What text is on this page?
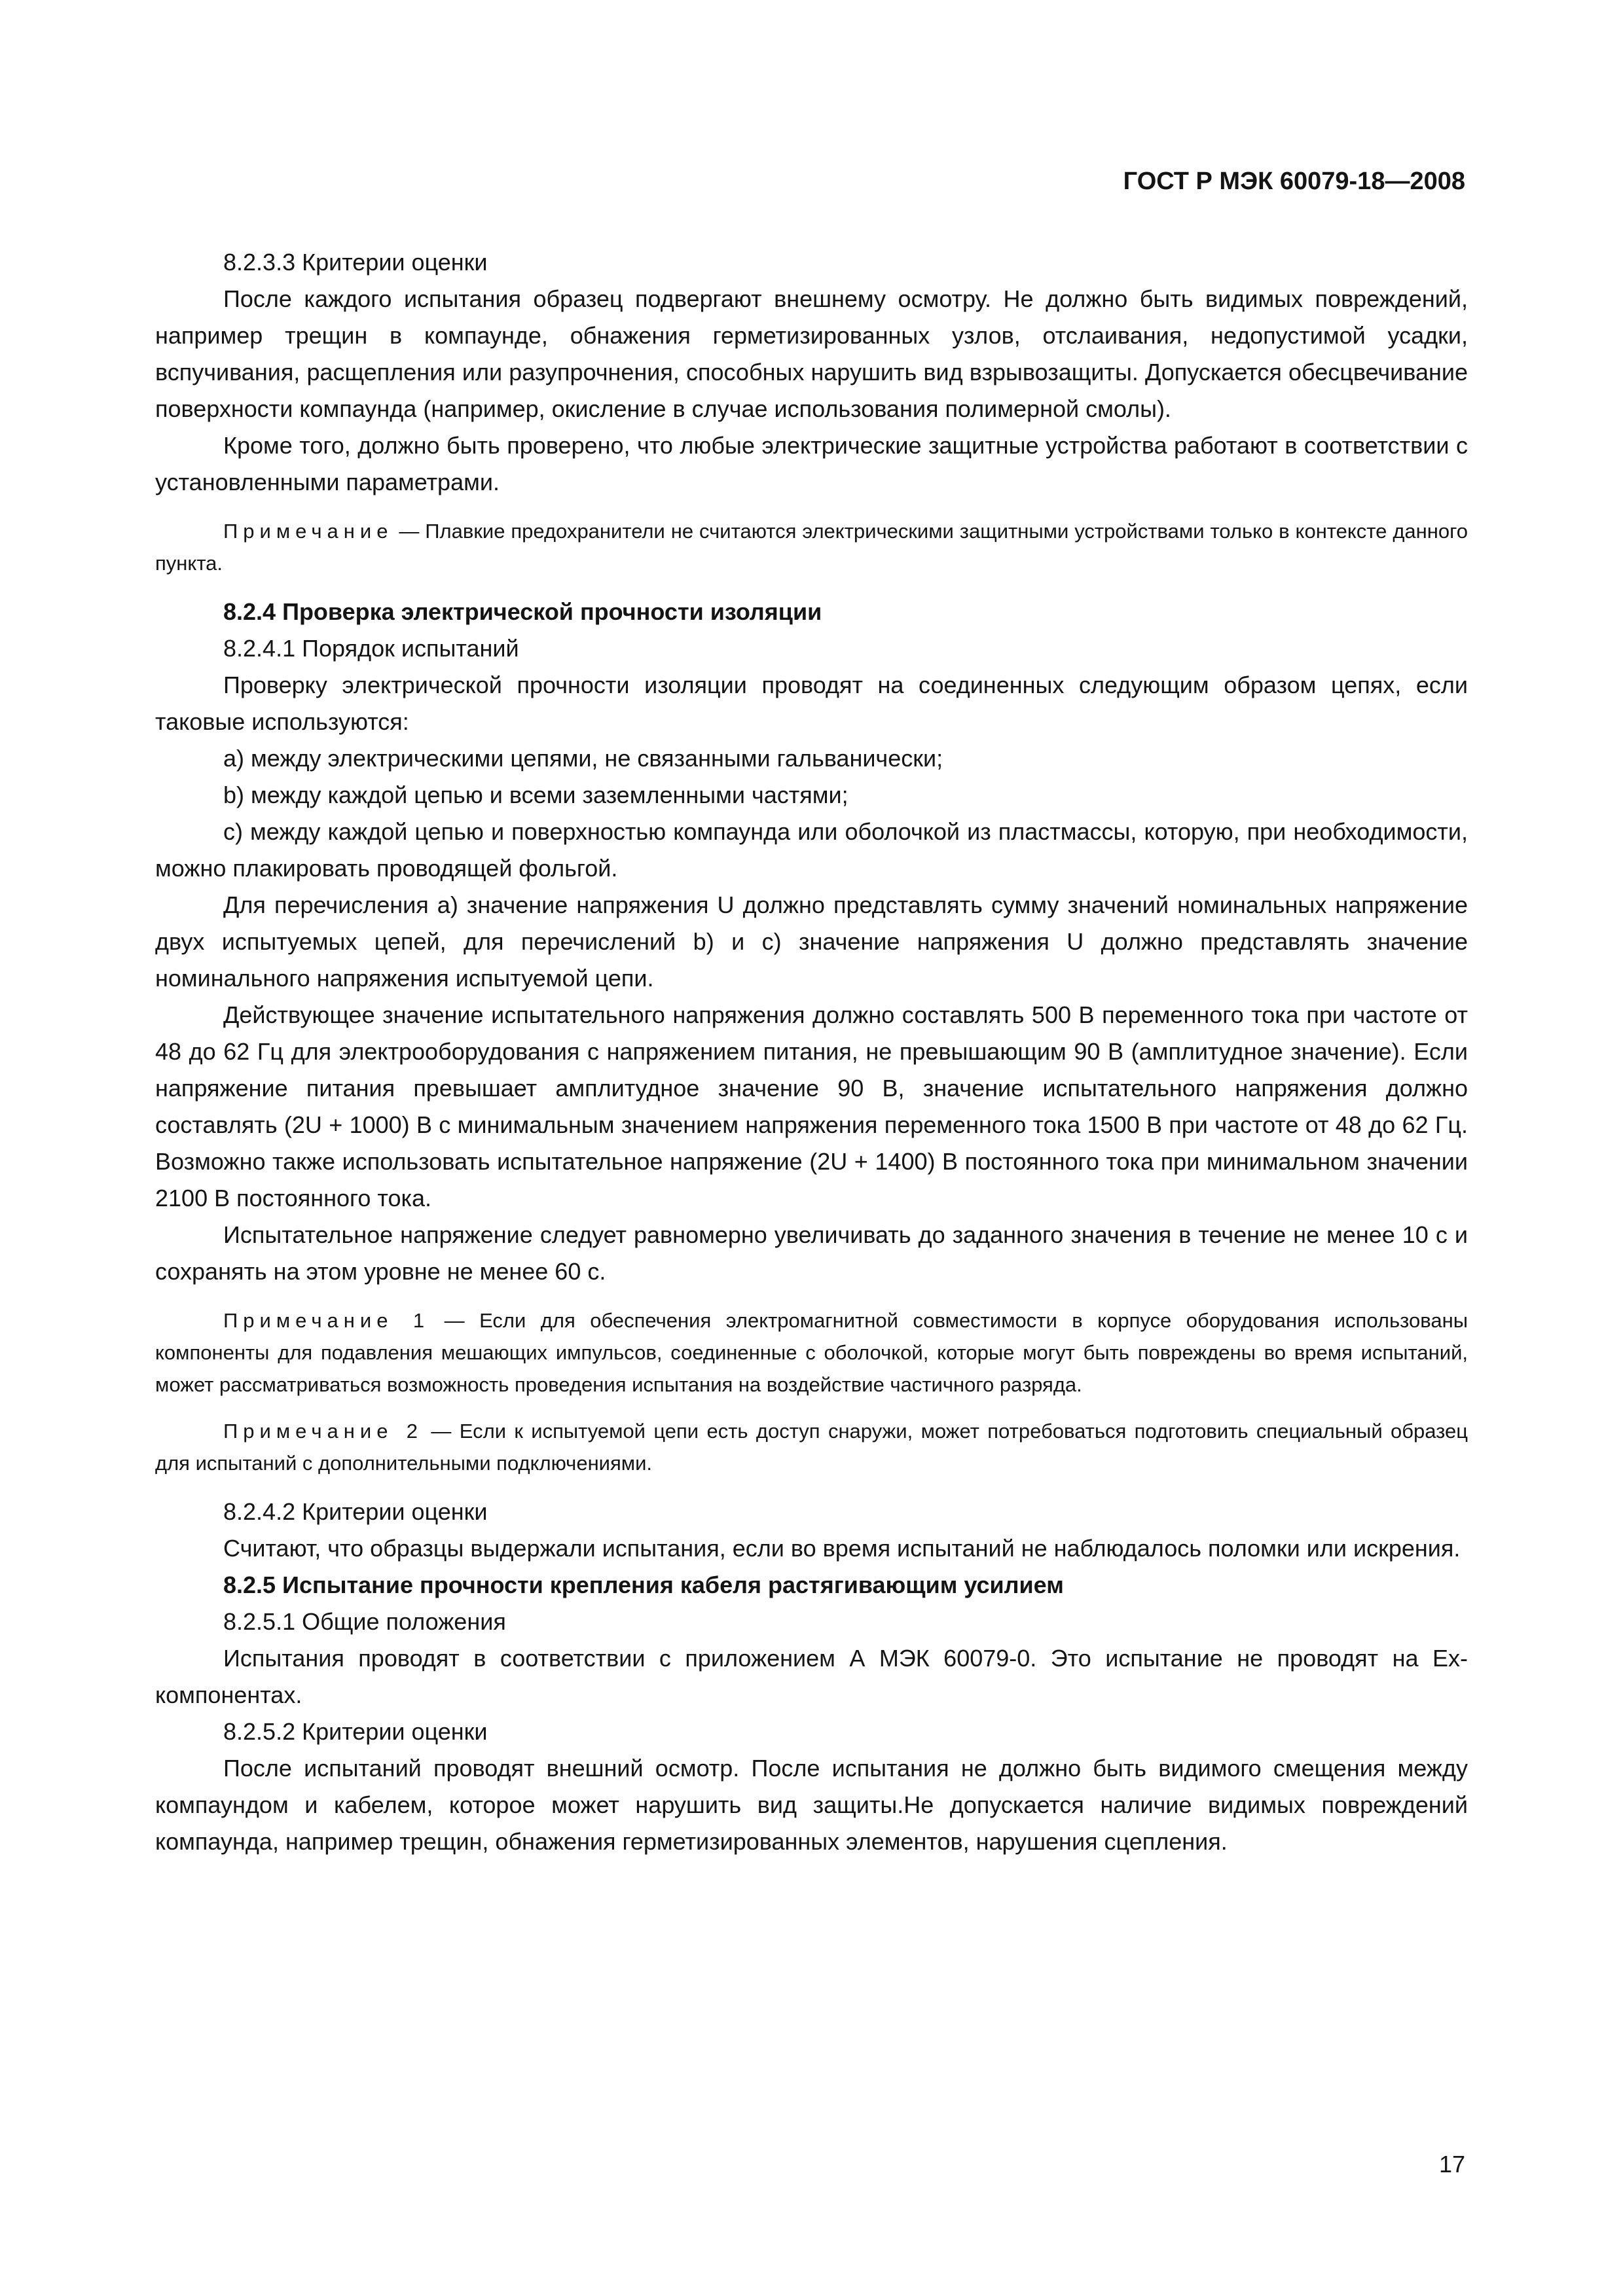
ГОСТ Р МЭК 60079-18—2008

8.2.3.3 Критерии оценки

После каждого испытания образец подвергают внешнему осмотру. Не должно быть видимых повреждений, например трещин в компаунде, обнажения герметизированных узлов, отслаивания, недопустимой усадки, вспучивания, расщепления или разупрочнения, способных нарушить вид взрывозащиты. Допускается обесцвечивание поверхности компаунда (например, окисление в случае использования полимерной смолы).

Кроме того, должно быть проверено, что любые электрические защитные устройства работают в соответствии с установленными параметрами.

Примечание — Плавкие предохранители не считаются электрическими защитными устройствами только в контексте данного пункта.

8.2.4 Проверка электрической прочности изоляции

8.2.4.1 Порядок испытаний

Проверку электрической прочности изоляции проводят на соединенных следующим образом цепях, если таковые используются:

a) между электрическими цепями, не связанными гальванически;

b) между каждой цепью и всеми заземленными частями;

c) между каждой цепью и поверхностью компаунда или оболочкой из пластмассы, которую, при необходимости, можно плакировать проводящей фольгой.

Для перечисления a) значение напряжения U должно представлять сумму значений номинальных напряжение двух испытуемых цепей, для перечислений b) и c) значение напряжения U должно представлять значение номинального напряжения испытуемой цепи.

Действующее значение испытательного напряжения должно составлять 500 В переменного тока при частоте от 48 до 62 Гц для электрооборудования с напряжением питания, не превышающим 90 В (амплитудное значение). Если напряжение питания превышает амплитудное значение 90 В, значение испытательного напряжения должно составлять (2U + 1000) В с минимальным значением напряжения переменного тока 1500 В при частоте от 48 до 62 Гц. Возможно также использовать испытательное напряжение (2U + 1400) В постоянного тока при минимальном значении 2100 В постоянного тока.

Испытательное напряжение следует равномерно увеличивать до заданного значения в течение не менее 10 с и сохранять на этом уровне не менее 60 с.

Примечание 1 — Если для обеспечения электромагнитной совместимости в корпусе оборудования использованы компоненты для подавления мешающих импульсов, соединенные с оболочкой, которые могут быть повреждены во время испытаний, может рассматриваться возможность проведения испытания на воздействие частичного разряда.

Примечание 2 — Если к испытуемой цепи есть доступ снаружи, может потребоваться подготовить специальный образец для испытаний с дополнительными подключениями.

8.2.4.2 Критерии оценки

Считают, что образцы выдержали испытания, если во время испытаний не наблюдалось поломки или искрения.

8.2.5 Испытание прочности крепления кабеля растягивающим усилием

8.2.5.1 Общие положения

Испытания проводят в соответствии с приложением А МЭК 60079-0. Это испытание не проводят на Ex-компонентах.

8.2.5.2 Критерии оценки

После испытаний проводят внешний осмотр. После испытания не должно быть видимого смещения между компаундом и кабелем, которое может нарушить вид защиты.Не допускается наличие видимых повреждений компаунда, например трещин, обнажения герметизированных элементов, нарушения сцепления.

17
